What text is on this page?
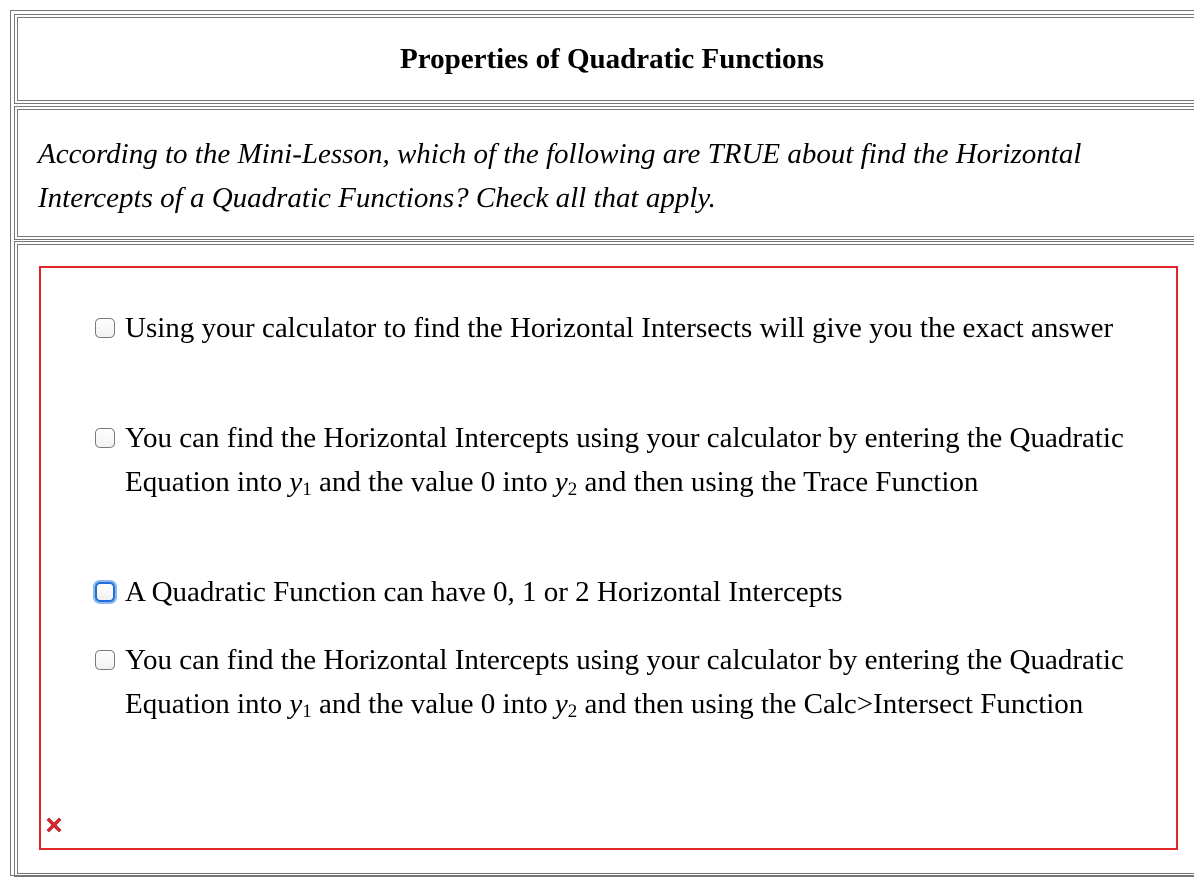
Properties of Quadratic Functions

According to the Mini-Lesson, which of the following are TRUE about find the Horizontal Intercepts of a Quadratic Functions? Check all that apply.

Using your calculator to find the Horizontal Intersects will give you the exact answer
You can find the Horizontal Intercepts using your calculator by entering the Quadratic Equation into $y_1$ and the value 0 into $y_2$ and then using the Trace Function
A Quadratic Function can have 0, 1 or 2 Horizontal Intercepts
You can find the Horizontal Intercepts using your calculator by entering the Quadratic Equation into $y_1$ and the value 0 into $y_2$ and then using the Calc>Intersect Function
